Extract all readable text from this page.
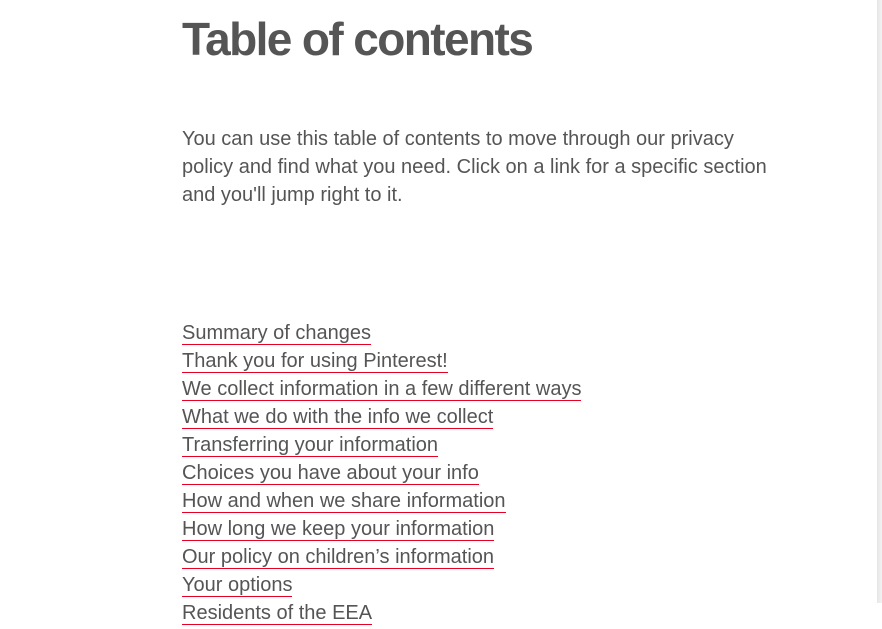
Table of contents

You can use this table of contents to move through our privacy policy and find what you need. Click on a link for a specific section and you'll jump right to it.

Summary of changes
Thank you for using Pinterest!
We collect information in a few different ways
What we do with the info we collect
Transferring your information
Choices you have about your info
How and when we share information
How long we keep your information
Our policy on children’s information
Your options
Residents of the EEA
